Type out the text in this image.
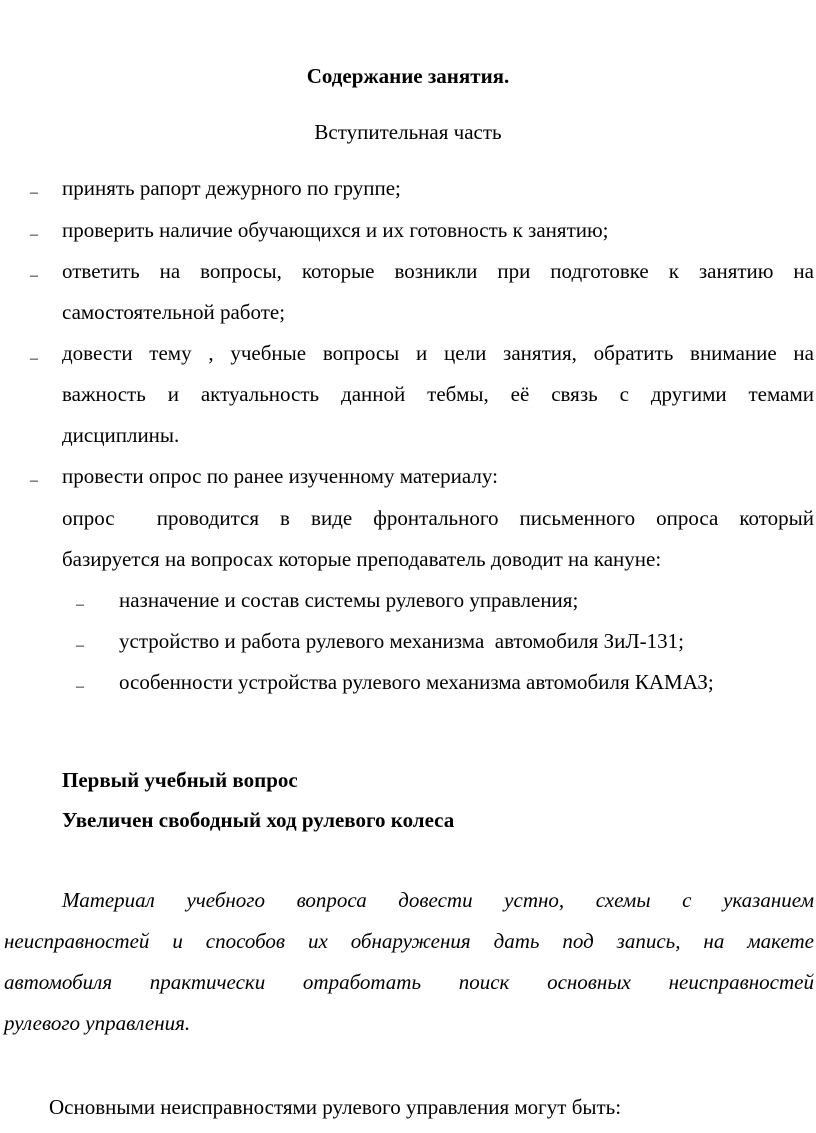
Содержание занятия.
Вступительная часть
– принять рапорт дежурного по группе;
– проверить наличие обучающихся и их готовность к занятию;
– ответить на вопросы, которые возникли при подготовке к занятию на
самостоятельной работе;
– довести тему , учебные вопросы и цели занятия, обратить внимание на
важность и актуальность данной тебмы, её связь с другими темами
дисциплины.
– провести опрос по ранее изученному материалу:
опрос  проводится в виде фронтального письменного опроса который
базируется на вопросах которые преподаватель доводит на кануне:
– назначение и состав системы рулевого управления;
– устройство и работа рулевого механизма  автомобиля ЗиЛ-131;
– особенности устройства рулевого механизма автомобиля КАМАЗ;
Первый учебный вопрос
Увеличен свободный ход рулевого колеса
Материал учебного вопроса довести устно, схемы с указанием
неисправностей и способов их обнаружения дать под запись, на макете
автомобиля практически отработать поиск основных неисправностей
рулевого управления.
Основными неисправностями рулевого управления могут быть:
